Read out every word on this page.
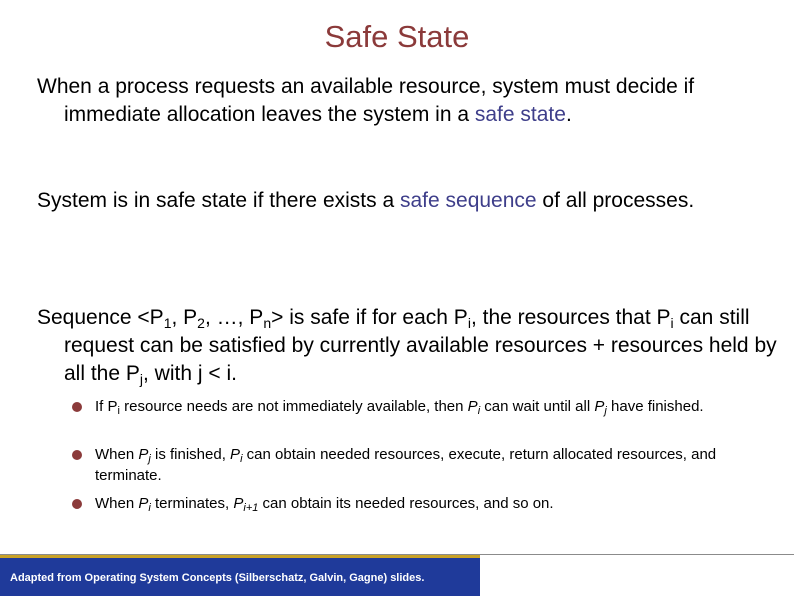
Safe State
When a process requests an available resource, system must decide if immediate allocation leaves the system in a safe state.
System is in safe state if there exists a safe sequence of all processes.
Sequence $<P_1$, $P_2$, …, $P_n>$ is safe if for each $P_i$, the resources that $P_i$ can still request can be satisfied by currently available resources + resources held by all the $P_j$, with j < i.
If $P_i$ resource needs are not immediately available, then $P_i$ can wait until all $P_j$ have finished.
When $P_j$ is finished, $P_i$ can obtain needed resources, execute, return allocated resources, and terminate.
When $P_i$ terminates, $P_{i+1}$ can obtain its needed resources, and so on.
Adapted from Operating System Concepts (Silberschatz, Galvin, Gagne) slides.
